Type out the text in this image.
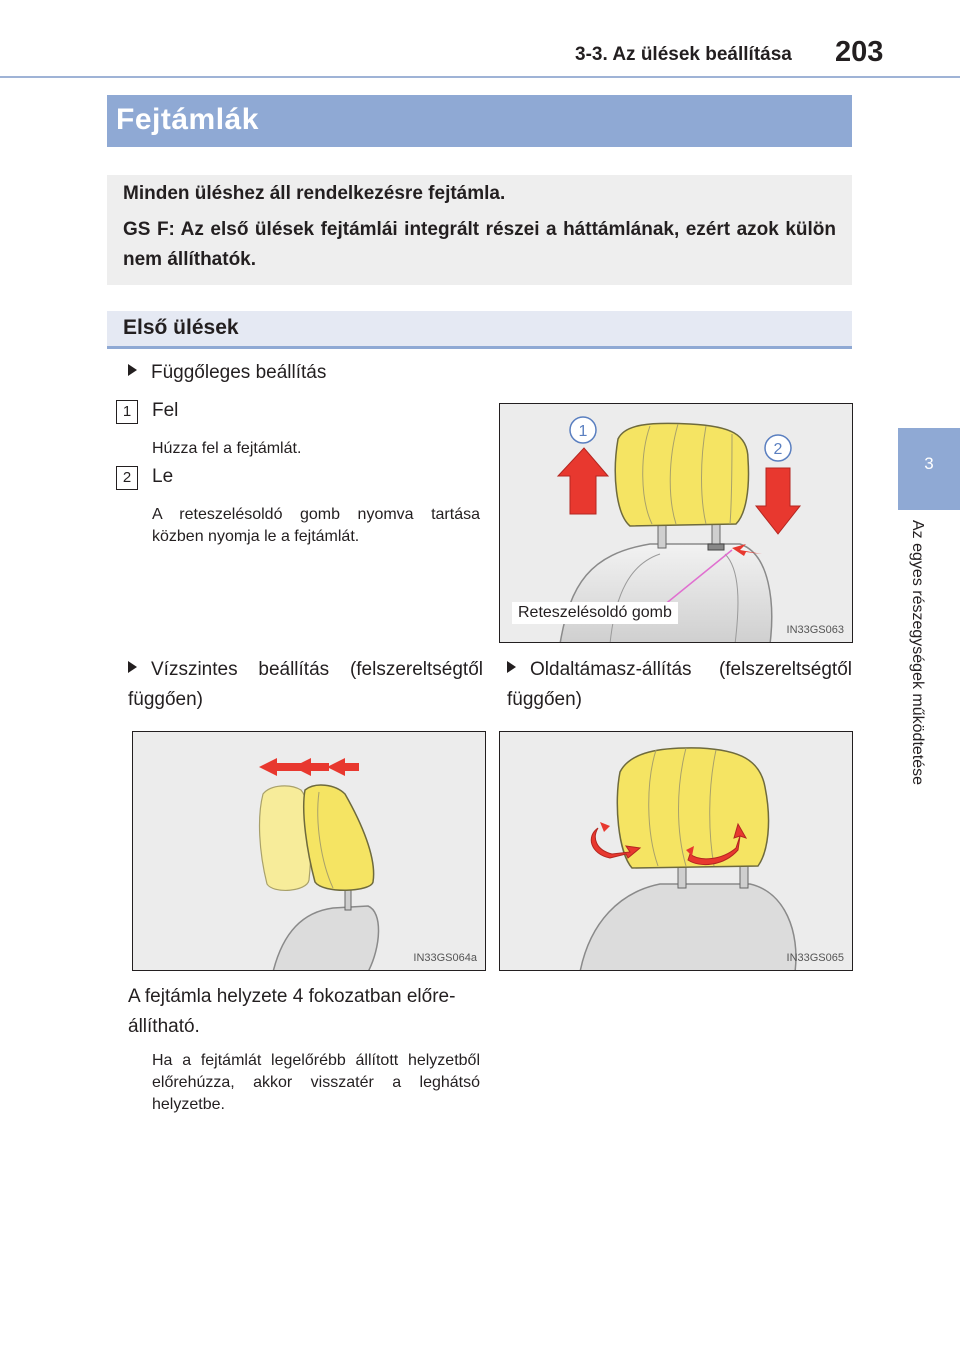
3-3. Az ülések beállítása 203
3
Az egyes részegységek működtetése
Fejtámlák

Minden üléshez áll rendelkezésre fejtámla.

GS F: Az első ülések fejtámlái integrált részei a háttámlának, ezért azok külön nem állíthatók.

Első ülések
Függőleges beállítás
1	Fel
Húzza fel a fejtámlát.
2	Le
A reteszelésoldó gomb nyomva tartása közben nyomja le a fejtámlát.
1
2
Reteszelésoldó gomb
IN33GS063
Vízszintes beállítás (felszereltségtől függően)
Oldaltámasz-állítás (felszereltségtől függően)
IN33GS064a	IN33GS065
A fejtámla helyzete 4 fokozatban előre-állítható.
Ha a fejtámlát legelőrébb állított helyzetből előrehúzza, akkor visszatér a leghátsó helyzetbe.
